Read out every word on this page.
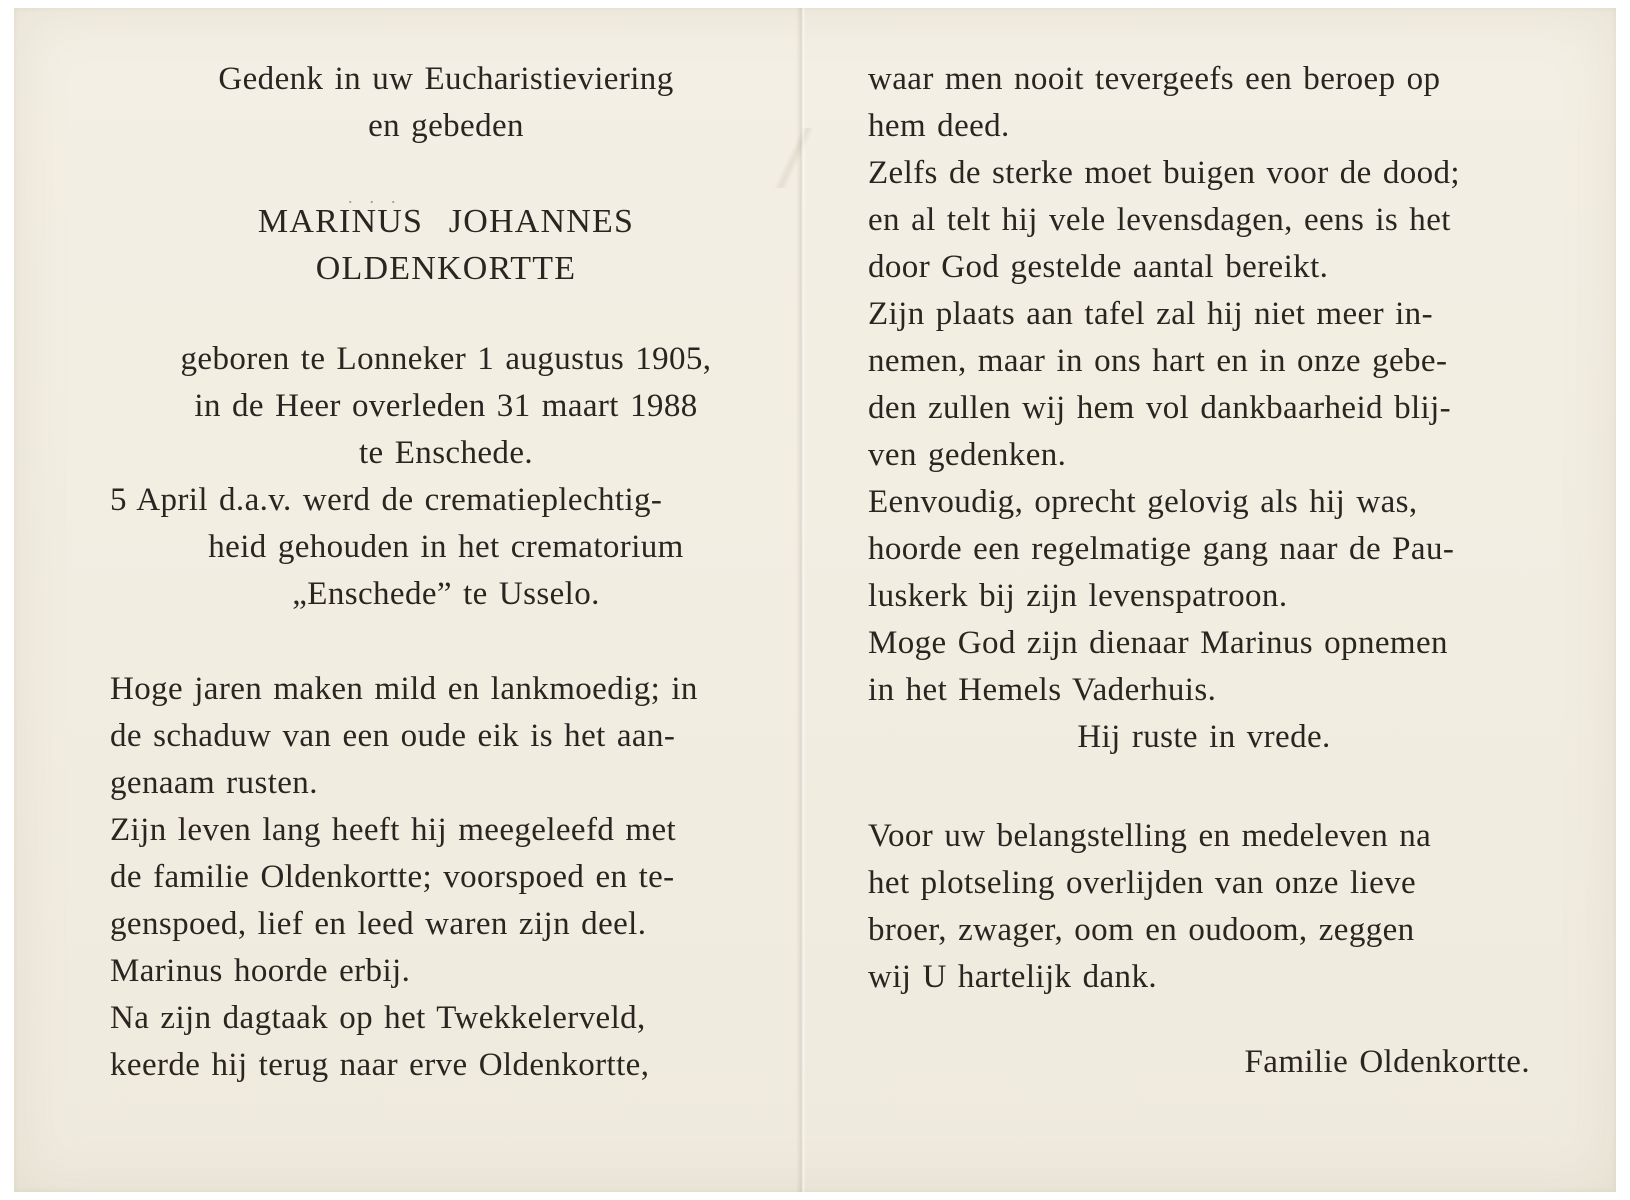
Gedenk in uw Eucharistieviering
en gebeden
MARINUS JOHANNES
OLDENKORTTE
geboren te Lonneker 1 augustus 1905,
in de Heer overleden 31 maart 1988
te Enschede.
5 April d.a.v. werd de crematieplechtig-
heid gehouden in het crematorium
„Enschede” te Usselo.
Hoge jaren maken mild en lankmoedig; in
de schaduw van een oude eik is het aan-
genaam rusten.
Zijn leven lang heeft hij meegeleefd met
de familie Oldenkortte; voorspoed en te-
genspoed, lief en leed waren zijn deel.
Marinus hoorde erbij.
Na zijn dagtaak op het Twekkelerveld,
keerde hij terug naar erve Oldenkortte,
. . .
waar men nooit tevergeefs een beroep op
hem deed.
Zelfs de sterke moet buigen voor de dood;
en al telt hij vele levensdagen, eens is het
door God gestelde aantal bereikt.
Zijn plaats aan tafel zal hij niet meer in-
nemen, maar in ons hart en in onze gebe-
den zullen wij hem vol dankbaarheid blij-
ven gedenken.
Eenvoudig, oprecht gelovig als hij was,
hoorde een regelmatige gang naar de Pau-
luskerk bij zijn levenspatroon.
Moge God zijn dienaar Marinus opnemen
in het Hemels Vaderhuis.
Hij ruste in vrede.
Voor uw belangstelling en medeleven na
het plotseling overlijden van onze lieve
broer, zwager, oom en oudoom, zeggen
wij U hartelijk dank.
Familie Oldenkortte.
